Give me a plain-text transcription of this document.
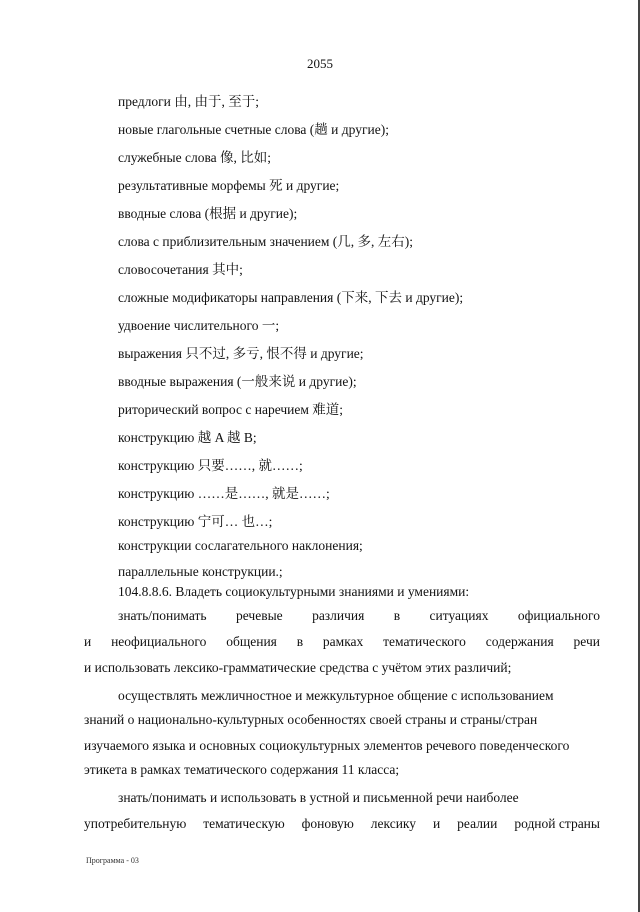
2055
предлоги 由, 由于, 至于;
новые глагольные счетные слова (趟 и другие);
служебные слова 像, 比如;
результативные морфемы 死 и другие;
вводные слова (根据 и другие);
слова с приблизительным значением (几, 多, 左右);
словосочетания 其中;
сложные модификаторы направления (下来, 下去 и другие);
удвоение числительного 一;
выражения 只不过, 多亏, 恨不得 и другие;
вводные выражения (一般来说 и другие);
риторический вопрос с наречием 难道;
конструкцию 越 A 越 B;
конструкцию 只要……, 就……;
конструкцию ……是……, 就是……;
конструкцию 宁可… 也…;
конструкции сослагательного наклонения;
параллельные конструкции.;
104.8.8.6. Владеть социокультурными знаниями и умениями:
знать/понимать речевые различия в ситуациях официального
и неофициального общения в рамках тематического содержания речи
и использовать лексико-грамматические средства с учётом этих различий;
осуществлять межличностное и межкультурное общение с использованием
знаний о национально-культурных особенностях своей страны и страны/стран
изучаемого языка и основных социокультурных элементов речевого поведенческого
этикета в рамках тематического содержания 11 класса;
знать/понимать и использовать в устной и письменной речи наиболее
употребительную тематическую фоновую лексику и реалии родной страны
Программа - 03
